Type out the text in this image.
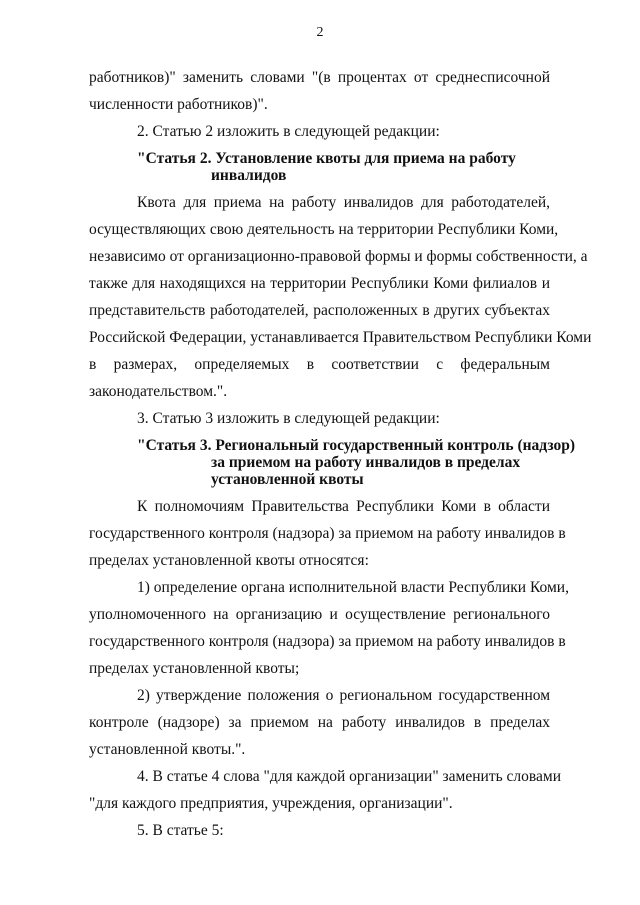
2
работников)" заменить словами "(в процентах от среднесписочной
численности работников)".
2. Статью 2 изложить в следующей редакции:
"Статья 2. Установление квоты для приема на работу
инвалидов
Квота для приема на работу инвалидов для работодателей,
осуществляющих свою деятельность на территории Республики Коми,
независимо от организационно-правовой формы и формы собственности, а
также для находящихся на территории Республики Коми филиалов и
представительств работодателей, расположенных в других субъектах
Российской Федерации, устанавливается Правительством Республики Коми
в размерах, определяемых в соответствии с федеральным
законодательством.".
3. Статью 3 изложить в следующей редакции:
"Статья 3. Региональный государственный контроль (надзор)
за приемом на работу инвалидов в пределах
установленной квоты
К полномочиям Правительства Республики Коми в области
государственного контроля (надзора) за приемом на работу инвалидов в
пределах установленной квоты относятся:
1) определение органа исполнительной власти Республики Коми,
уполномоченного на организацию и осуществление регионального
государственного контроля (надзора) за приемом на работу инвалидов в
пределах установленной квоты;
2) утверждение положения о региональном государственном
контроле (надзоре) за приемом на работу инвалидов в пределах
установленной квоты.".
4. В статье 4 слова "для каждой организации" заменить словами
"для каждого предприятия, учреждения, организации".
5. В статье 5:
